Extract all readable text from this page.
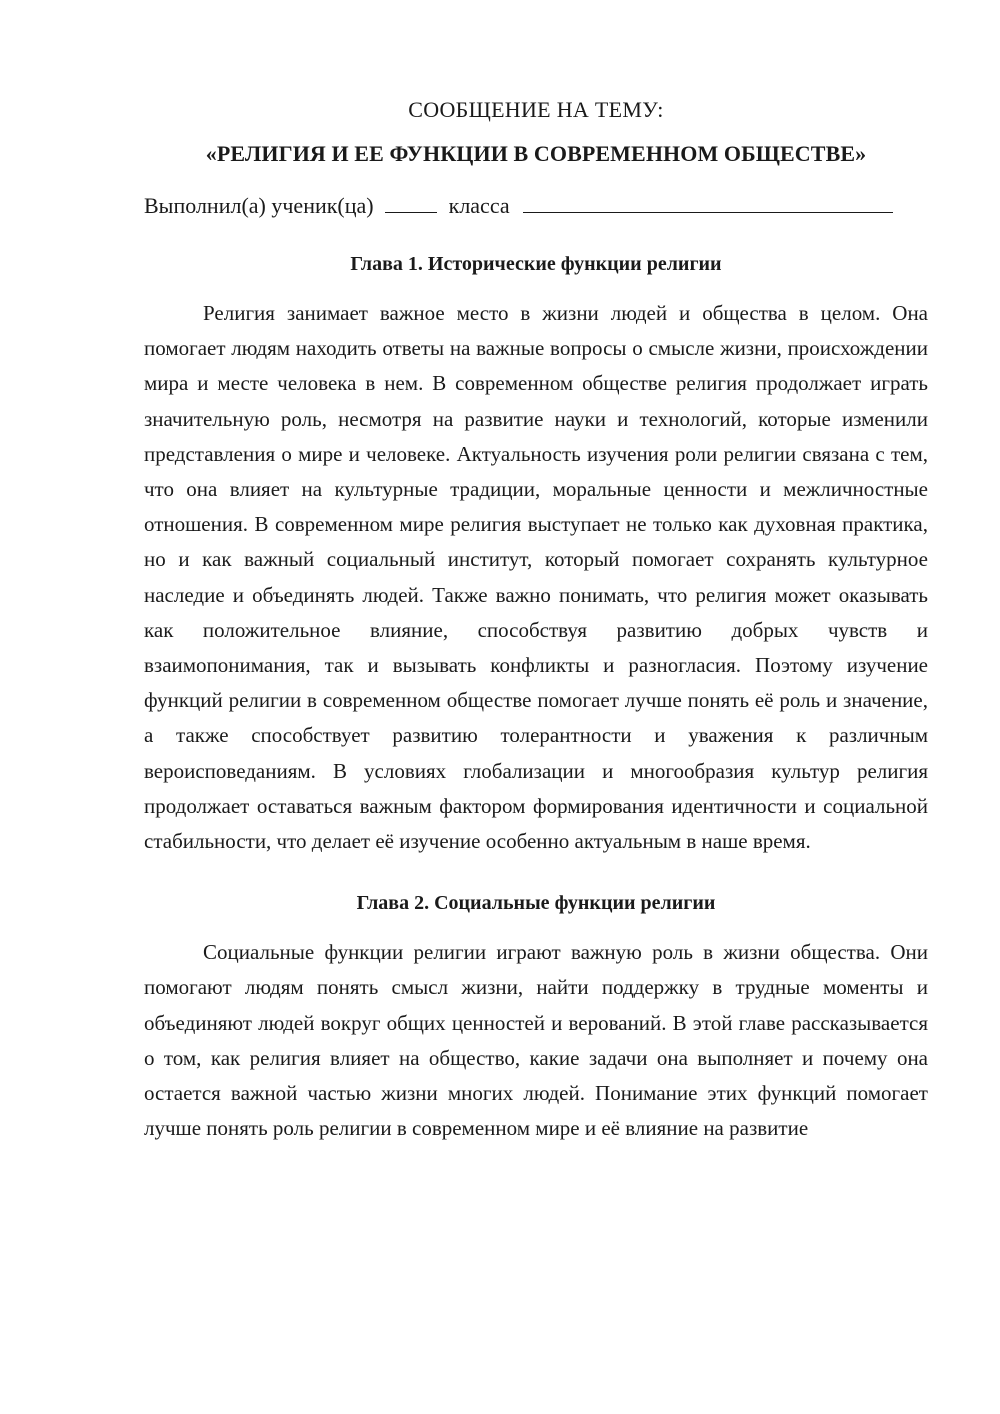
СООБЩЕНИЕ НА ТЕМУ:

«РЕЛИГИЯ И ЕЕ ФУНКЦИИ В СОВРЕМЕННОМ ОБЩЕСТВЕ»

Выполнил(а) ученик(ца)	класса
Глава 1. Исторические функции религии

Религия занимает важное место в жизни людей и общества в целом. Она помогает людям находить ответы на важные вопросы о смысле жизни, происхождении мира и месте человека в нем. В современном обществе религия продолжает играть значительную роль, несмотря на развитие науки и технологий, которые изменили представления о мире и человеке. Актуальность изучения роли религии связана с тем, что она влияет на культурные традиции, моральные ценности и межличностные отношения. В современном мире религия выступает не только как духовная практика, но и как важный социальный институт, который помогает сохранять культурное наследие и объединять людей. Также важно понимать, что религия может оказывать как положительное влияние, способствуя развитию добрых чувств и взаимопонимания, так и вызывать конфликты и разногласия. Поэтому изучение функций религии в современном обществе помогает лучше понять её роль и значение, а также способствует развитию толерантности и уважения к различным вероисповеданиям. В условиях глобализации и многообразия культур религия продолжает оставаться важным фактором формирования идентичности и социальной стабильности, что делает её изучение особенно актуальным в наше время.

Глава 2. Социальные функции религии

Социальные функции религии играют важную роль в жизни общества. Они помогают людям понять смысл жизни, найти поддержку в трудные моменты и объединяют людей вокруг общих ценностей и верований. В этой главе рассказывается о том, как религия влияет на общество, какие задачи она выполняет и почему она остается важной частью жизни многих людей. Понимание этих функций помогает лучше понять роль религии в современном мире и её влияние на развитие
